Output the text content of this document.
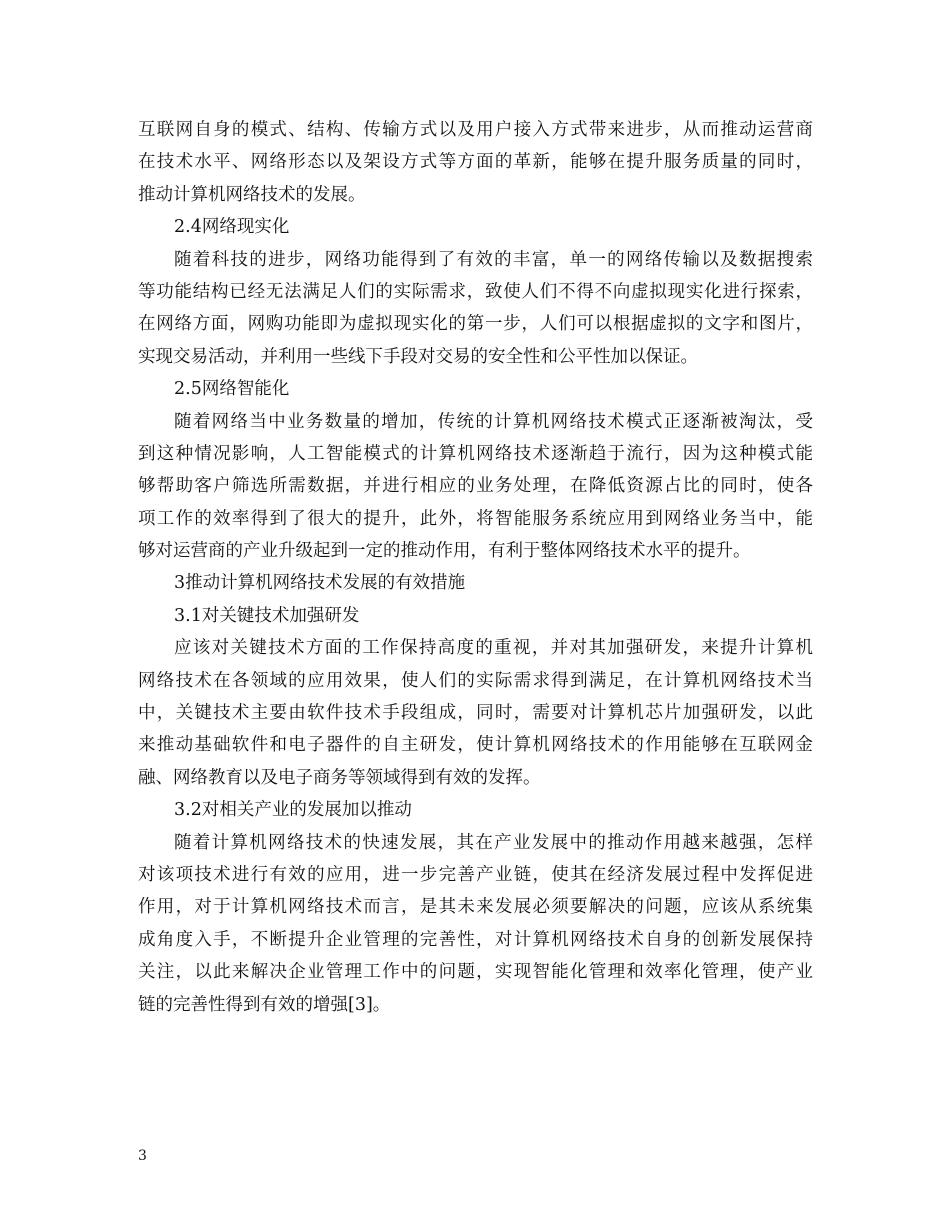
互联网自身的模式、结构、传输方式以及用户接入方式带来进步，从而推动运营商
在技术水平、网络形态以及架设方式等方面的革新，能够在提升服务质量的同时，
推动计算机网络技术的发展。
2.4网络现实化
随着科技的进步，网络功能得到了有效的丰富，单一的网络传输以及数据搜索
等功能结构已经无法满足人们的实际需求，致使人们不得不向虚拟现实化进行探索，
在网络方面，网购功能即为虚拟现实化的第一步，人们可以根据虚拟的文字和图片，
实现交易活动，并利用一些线下手段对交易的安全性和公平性加以保证。
2.5网络智能化
随着网络当中业务数量的增加，传统的计算机网络技术模式正逐渐被淘汰，受
到这种情况影响，人工智能模式的计算机网络技术逐渐趋于流行，因为这种模式能
够帮助客户筛选所需数据，并进行相应的业务处理，在降低资源占比的同时，使各
项工作的效率得到了很大的提升，此外，将智能服务系统应用到网络业务当中，能
够对运营商的产业升级起到一定的推动作用，有利于整体网络技术水平的提升。
3推动计算机网络技术发展的有效措施
3.1对关键技术加强研发
应该对关键技术方面的工作保持高度的重视，并对其加强研发，来提升计算机
网络技术在各领域的应用效果，使人们的实际需求得到满足，在计算机网络技术当
中，关键技术主要由软件技术手段组成，同时，需要对计算机芯片加强研发，以此
来推动基础软件和电子器件的自主研发，使计算机网络技术的作用能够在互联网金
融、网络教育以及电子商务等领域得到有效的发挥。
3.2对相关产业的发展加以推动
随着计算机网络技术的快速发展，其在产业发展中的推动作用越来越强，怎样
对该项技术进行有效的应用，进一步完善产业链，使其在经济发展过程中发挥促进
作用，对于计算机网络技术而言，是其未来发展必须要解决的问题，应该从系统集
成角度入手，不断提升企业管理的完善性，对计算机网络技术自身的创新发展保持
关注，以此来解决企业管理工作中的问题，实现智能化管理和效率化管理，使产业
链的完善性得到有效的增强[3]。
3
